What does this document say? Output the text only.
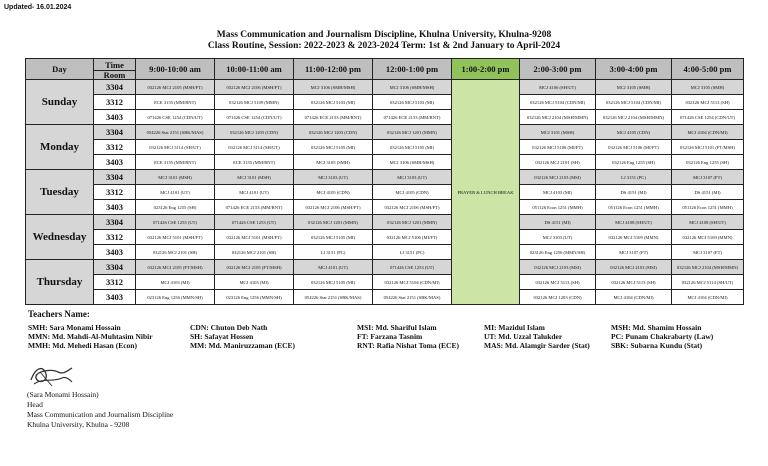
Updated- 16.01.2024
Mass Communication and Journalism Discipline, Khulna University, Khulna-9208
Class Routine, Session: 2022-2023 & 2023-2024 Term: 1st & 2nd January to April-2024
Day	Time	9:00-10:00 am	10:00-11:00 am	11:00-12:00 pm	12:00-1:00 pm	1:00-2:00 pm	2:00-3:00 pm	3:00-4:00 pm	4:00-5:00 pm
	Room								
Sunday	3304	032126 MCJ 2105 (MSH/FT)	032126 MCJ 2106 (MSH/FT)	MCJ 3106 (SMH/MSH)	MCJ 3106 (SMH/MSH)	PRAYER & LUNCH BREAK	MCJ 4106 (SH/UT)	MCJ 3105 (SMH)	MCJ 3105 (SMH)
	3312	ECE 3155 (MM/RNT)	032126 MCJ 5109 (MMN)	032126 MCJ 5103 (MI)	032126 MCJ 5103 (MI)		032126 MCJ 5104 (CDN/MI)	032126 MCJ 5104 (CDN/MI)	032126 MCJ 5113 (SH)
	3403	071426 CSE 1254 (CDN/UT)	071426 CSE 1254 (CDN/UT)	071426 ECE 2153 (MM/RNT)	071426 ECE 2153 (MM/RNT)		032126 MCJ 2104 (MSH/MMN)	032126 MCJ 2104 (MSH/MMN)	071426 CSE 1254 (CDN/UT)
Monday	3304	054226 Stat 2151 (SBK/MAS)	032126 MCJ 1205 (CDN)	032126 MCJ 1203 (CDN)	032126 MCJ 1201 (MMN)		MCJ 3101 (MSH)	MCJ 4105 (CDN)	MCJ 4104 (CDN/MI)
	3312	032126 MCJ 5114 (SH/UT)	032126 MCJ 5114 (SH/UT)	032126 MCJ 5105 (MI)	032126 MCJ 5105 (MI)		032126 MCJ 5106 (MI/FT)	032126 MCJ 5106 (MI/FT)	032126 MCJ 5101 (FT/MSH)
	3403	ECE 3155 (MM/RNT)	ECE 3155 (MM/RNT)	MCJ 3105 (SMH)	MCJ 3106 (SMH/MSH)		032126 MCJ 2101 (SH)	032126 Eng 1255 (SH)	032126 Eng 1255 (SH)
Tuesday	3304	MCJ 3101 (MSH)	MCJ 3101 (MSH)	MCJ 3103 (UT)	MCJ 3103 (UT)		032126 MCJ 2103 (MSI)	LJ 3151 (PC)	MCJ 3107 (FT)
	3312	MCJ 4101 (UT)	MCJ 4101 (UT)	MCJ 4105 (CDN)	MCJ 4105 (CDN)		MCJ 4103 (MI)	DS 4151 (MI)	DS 4151 (MI)
	3403	023126 Eng 1255 (SH)	071426 ECE 2153 (MM/RNT)	032126 MCJ 2106 (MSH/FT)	032126 MCJ 2106 (MSH/FT)		051126 Econ 1251 (MMH)	051126 Econ 1251 (MMH)	051126 Econ 1251 (MMH)
Wednesday	3304	071426 CSE 1253 (UT)	071426 CSE 1253 (UT)	032126 MCJ 1201 (MMN)	032126 MCJ 1201 (MMN)		DS 4151 (MI)	MCJ 4108 (SH/UT)	MCJ 4108 (SH/UT)
	3312	032126 MCJ 5101 (MSH/FT)	032126 MCJ 5101 (MSH/FT)	032126 MCJ 5105 (MI)	032126 MCJ 5106 (MI/FT)		MCJ 3103 (UT)	032126 MCJ 5109 (MMN)	032126 MCJ 5109 (MMN)
	3403	032126 MCJ 2101 (SH)	032126 MCJ 2101 (SH)	LJ 3151 (PC)	LJ 3151 (PC)		023126 Eng 1256 (MMN/SH)	MCJ 3107 (FT)	MCJ 3107 (FT)
Thursday	3304	032126 MCJ 2105 (FT/MSH)	032126 MCJ 2105 (FT/MSH)	MCJ 4101 (UT)	071426 CSE 1253 (UT)		032126 MCJ 2103 (MSI)	032126 MCJ 2103 (MSI)	032126 MCJ 2104 (MSH/MMN)
	3312	MCJ 4103 (MI)	MCJ 4103 (MI)	032126 MCJ 5105 (MI)	032126 MCJ 5104 (CDN/MI)		032126 MCJ 5113 (SH)	032126 MCJ 5113 (SH)	032126 MCJ 5114 (SH/UT)
	3403	023126 Eng 1256 (MMN/SH)	023126 Eng 1256 (MMN/SH)	054226 Stat 2151 (SBK/MAS)	054226 Stat 2151 (SBK/MAS)		032126 MCJ 1203 (CDN)	MCJ 4104 (CDN/MI)	MCJ 4104 (CDN/MI)
Teachers Name:
SMH: Sara Monami Hossain
MMN: Md. Mahdi-Al-Muhtasim Nibir
MMH: Md. Mehedi Hasan (Econ)
CDN: Chuton Deb Nath
SH: Safayat Hossen
MM: Md. Maniruzzaman (ECE)
MSI: Md. Shariful Islam
FT: Farzana Tasnim
RNT: Rafia Nishat Toma (ECE)
MI: Mazidul Islam
UT: Md. Uzzal Talukder
MAS: Md. Alamgir Sarder (Stat)
MSH: Md. Shamim Hossain
PC: Punam Chakrabarty (Law)
SBK: Subarna Kundu (Stat)
(Sara Monami Hossain)
Head
Mass Communication and Journalism Discipline
Khulna University, Khulna - 9208
